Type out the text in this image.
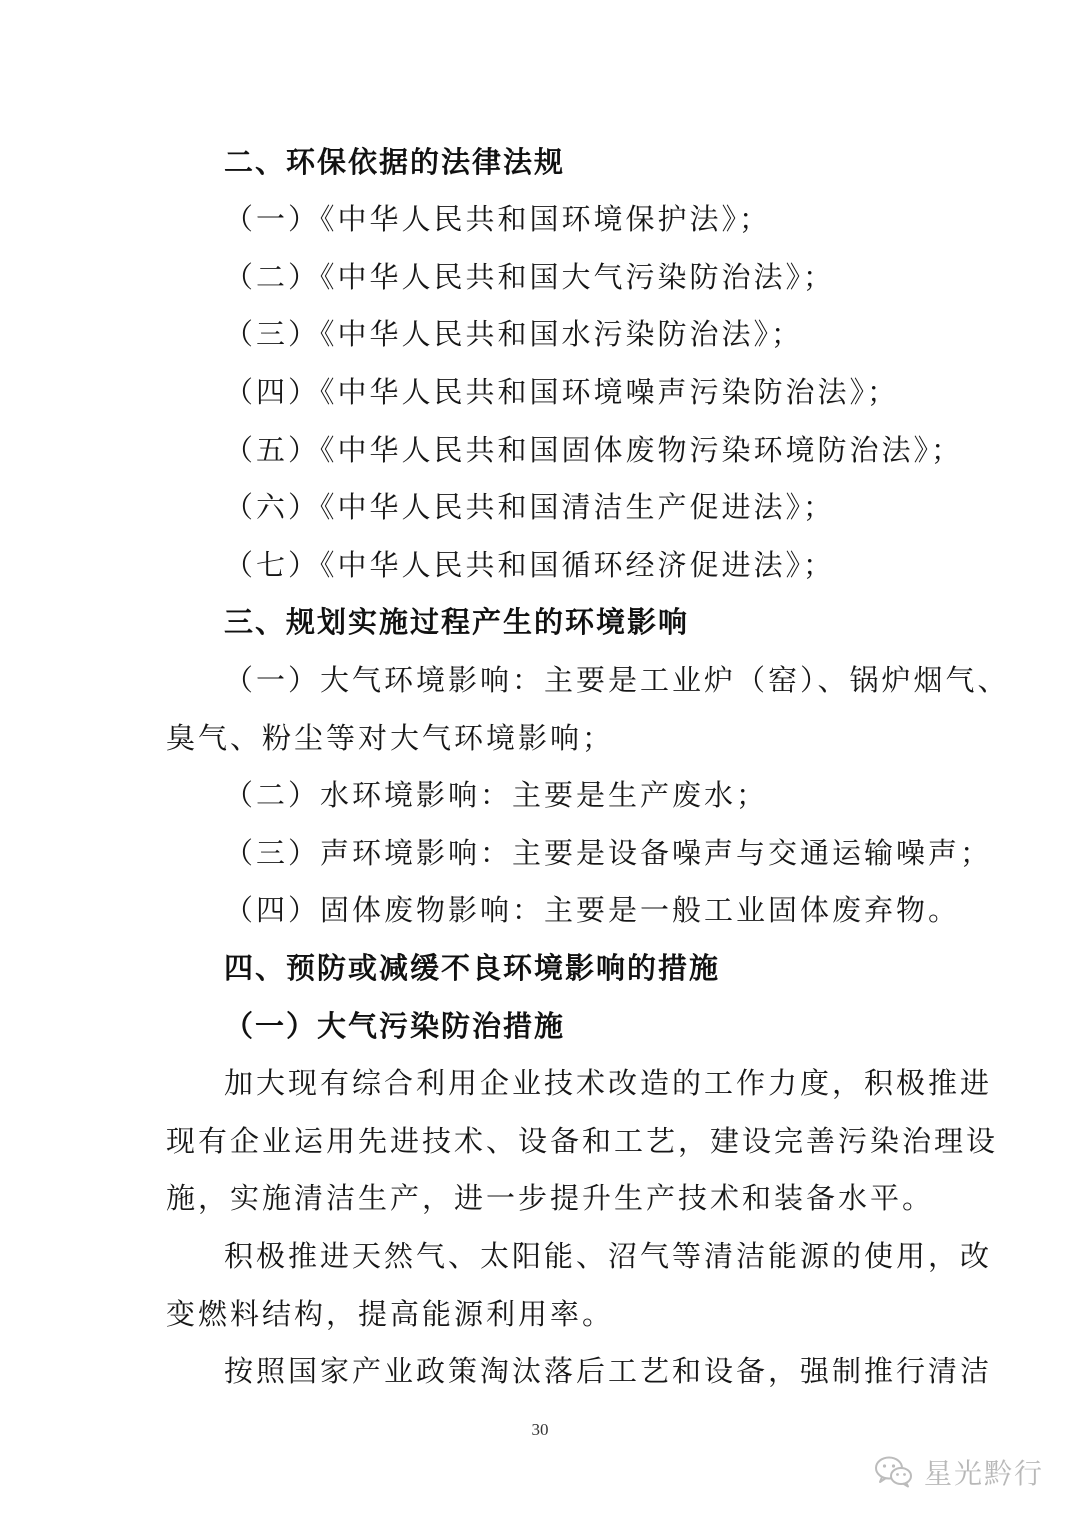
二、环保依据的法律法规
（一）《中华人民共和国环境保护法》；
（二）《中华人民共和国大气污染防治法》；
（三）《中华人民共和国水污染防治法》；
（四）《中华人民共和国环境噪声污染防治法》；
（五）《中华人民共和国固体废物污染环境防治法》；
（六）《中华人民共和国清洁生产促进法》；
（七）《中华人民共和国循环经济促进法》；
三、规划实施过程产生的环境影响
（一）大气环境影响：主要是工业炉（窑）、锅炉烟气、
臭气、粉尘等对大气环境影响；
（二）水环境影响：主要是生产废水；
（三）声环境影响：主要是设备噪声与交通运输噪声；
（四）固体废物影响：主要是一般工业固体废弃物。
四、预防或减缓不良环境影响的措施
（一）大气污染防治措施
加大现有综合利用企业技术改造的工作力度，积极推进
现有企业运用先进技术、设备和工艺，建设完善污染治理设
施，实施清洁生产，进一步提升生产技术和装备水平。
积极推进天然气、太阳能、沼气等清洁能源的使用，改
变燃料结构，提高能源利用率。
按照国家产业政策淘汰落后工艺和设备，强制推行清洁
30
星光黔行
